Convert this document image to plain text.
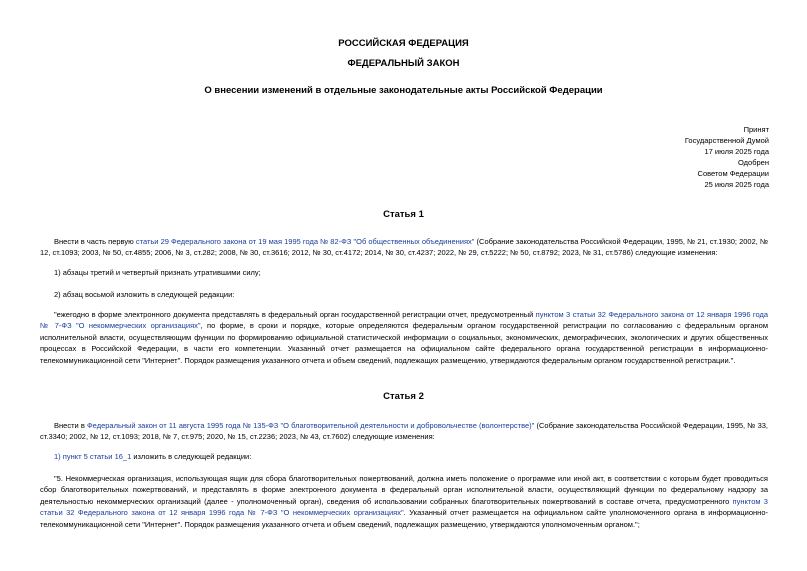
РОССИЙСКАЯ ФЕДЕРАЦИЯ
ФЕДЕРАЛЬНЫЙ ЗАКОН
О внесении изменений в отдельные законодательные акты Российской Федерации
Принят
Государственной Думой
17 июля 2025 года
Одобрен
Советом Федерации
25 июля 2025 года
Статья 1

Внести в часть первую статьи 29 Федерального закона от 19 мая 1995 года № 82-ФЗ "Об общественных объединениях" (Собрание законодательства Российской Федерации, 1995, № 21, ст.1930; 2002, № 12, ст.1093; 2003, № 50, ст.4855; 2006, № 3, ст.282; 2008, № 30, ст.3616; 2012, № 30, ст.4172; 2014, № 30, ст.4237; 2022, № 29, ст.5222; № 50, ст.8792; 2023, № 31, ст.5786) следующие изменения:

1) абзацы третий и четвертый признать утратившими силу;

2) абзац восьмой изложить в следующей редакции:

"ежегодно в форме электронного документа представлять в федеральный орган государственной регистрации отчет, предусмотренный пунктом 3 статьи 32 Федерального закона от 12 января 1996 года № 7-ФЗ "О некоммерческих организациях", по форме, в сроки и порядке, которые определяются федеральным органом государственной регистрации по согласованию с федеральным органом исполнительной власти, осуществляющим функции по формированию официальной статистической информации о социальных, экономических, демографических, экологических и других общественных процессах в Российской Федерации, в части его компетенции. Указанный отчет размещается на официальном сайте федерального органа государственной регистрации в информационно-телекоммуникационной сети "Интернет". Порядок размещения указанного отчета и объем сведений, подлежащих размещению, утверждаются федеральным органом государственной регистрации.".

Статья 2

Внести в Федеральный закон от 11 августа 1995 года № 135-ФЗ "О благотворительной деятельности и добровольчестве (волонтерстве)" (Собрание законодательства Российской Федерации, 1995, № 33, ст.3340; 2002, № 12, ст.1093; 2018, № 7, ст.975; 2020, № 15, ст.2236; 2023, № 43, ст.7602) следующие изменения:

1) пункт 5 статьи 16_1 изложить в следующей редакции:

"5. Некоммерческая организация, использующая ящик для сбора благотворительных пожертвований, должна иметь положение о программе или иной акт, в соответствии с которым будет проводиться сбор благотворительных пожертвований, и представлять в форме электронного документа в федеральный орган исполнительной власти, осуществляющий функции по федеральному надзору за деятельностью некоммерческих организаций (далее - уполномоченный орган), сведения об использовании собранных благотворительных пожертвований в составе отчета, предусмотренного пунктом 3 статьи 32 Федерального закона от 12 января 1996 года № 7-ФЗ "О некоммерческих организациях". Указанный отчет размещается на официальном сайте уполномоченного органа в информационно-телекоммуникационной сети "Интернет". Порядок размещения указанного отчета и объем сведений, подлежащих размещению, утверждаются уполномоченным органом.";
